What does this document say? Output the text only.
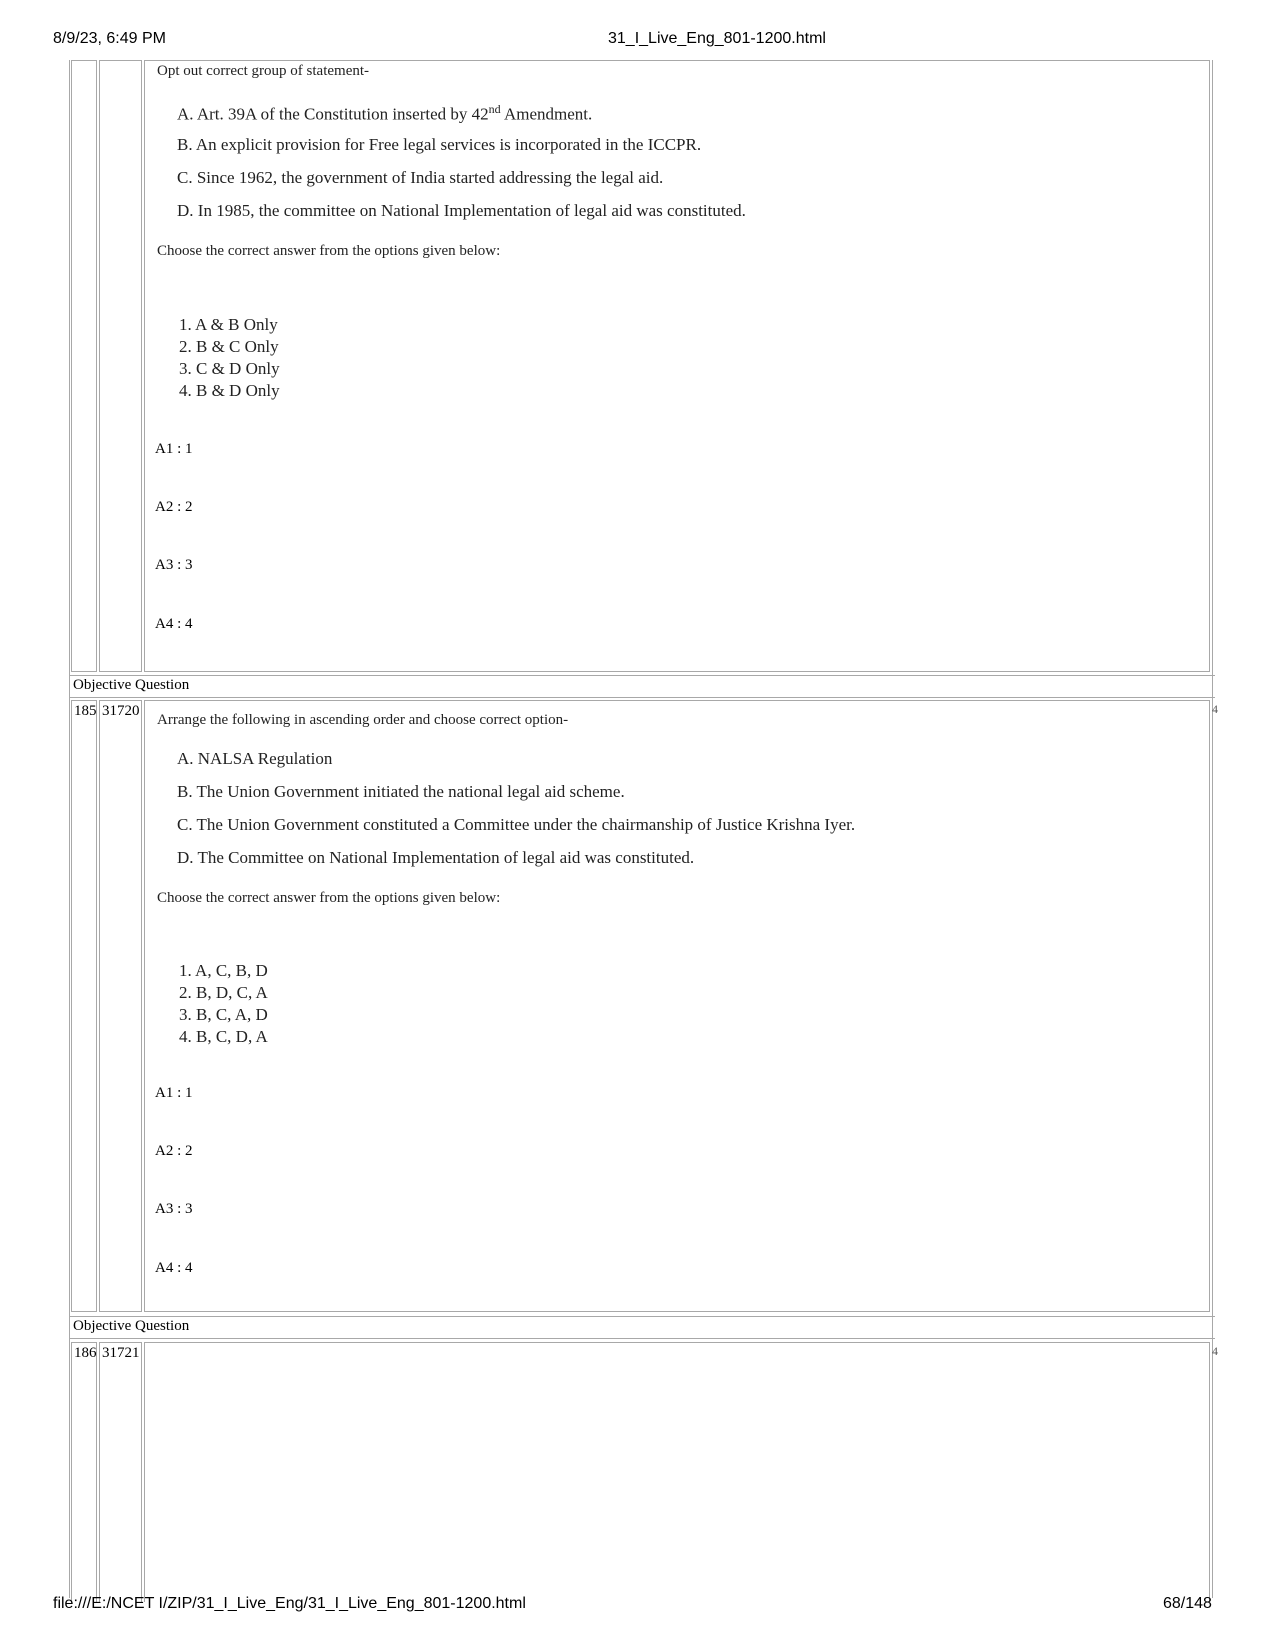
8/9/23, 6:49 PM	31_I_Live_Eng_801-1200.html
Opt out correct group of statement-
A. Art. 39A of the Constitution inserted by 42nd Amendment.
B. An explicit provision for Free legal services is incorporated in the ICCPR.
C. Since 1962, the government of India started addressing the legal aid.
D. In 1985, the committee on National Implementation of legal aid was constituted.
Choose the correct answer from the options given below:
1. A & B Only
2. B & C Only
3. C & D Only
4. B & D Only
A1 : 1
A2 : 2
A3 : 3
A4 : 4
Objective Question
185 31720	4
Arrange the following in ascending order and choose correct option-
A. NALSA Regulation
B. The Union Government initiated the national legal aid scheme.
C. The Union Government constituted a Committee under the chairmanship of Justice Krishna Iyer.
D. The Committee on National Implementation of legal aid was constituted.
Choose the correct answer from the options given below:
1. A, C, B, D
2. B, D, C, A
3. B, C, A, D
4. B, C, D, A
A1 : 1
A2 : 2
A3 : 3
A4 : 4
Objective Question
186 31721	4
file:///E:/NCET I/ZIP/31_I_Live_Eng/31_I_Live_Eng_801-1200.html	68/148
